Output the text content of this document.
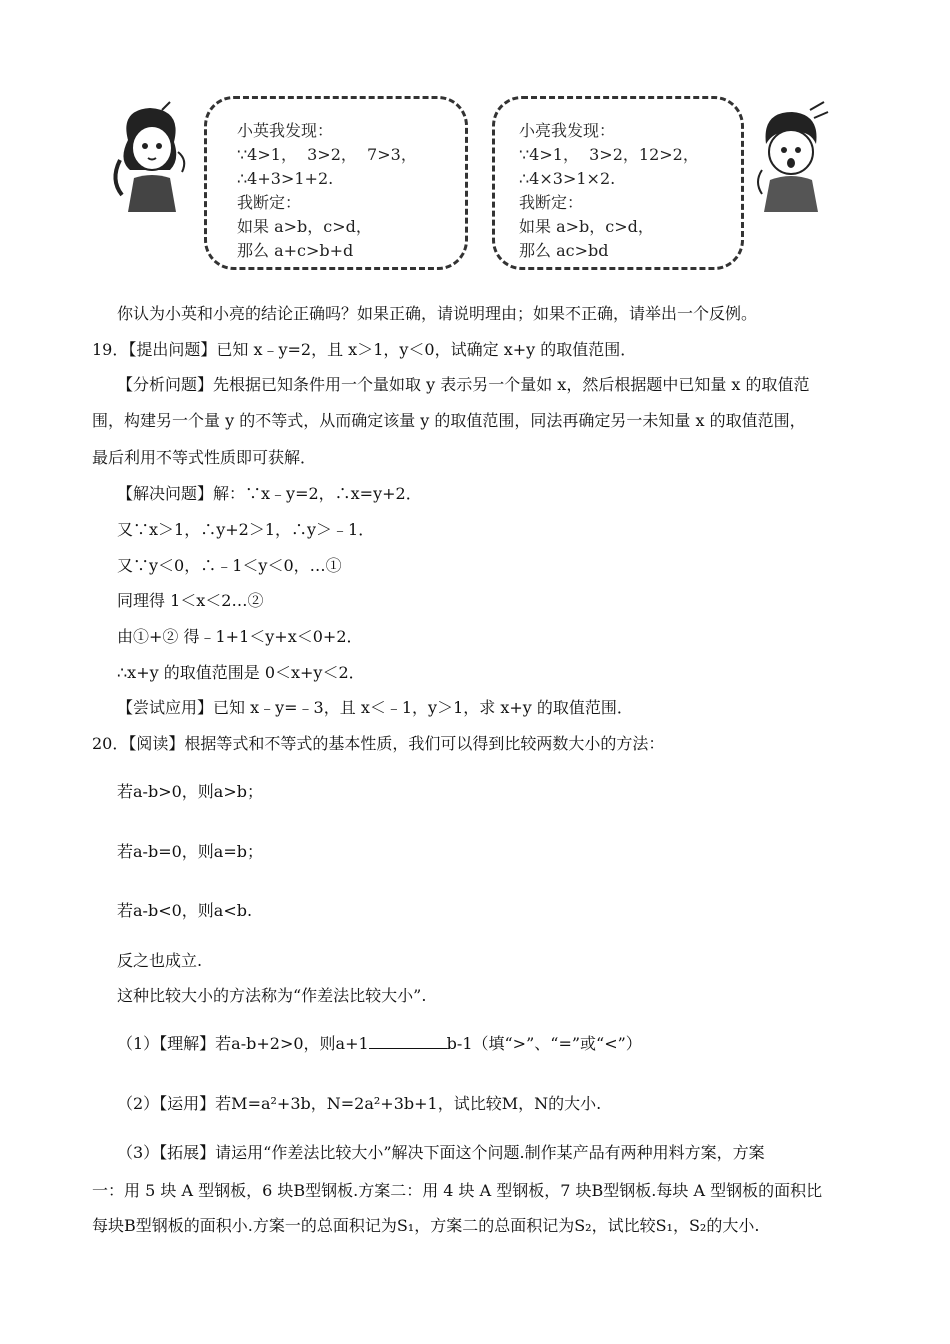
小英我发现：
∵4>1，  3>2，  7>3，
∴4+3>1+2.
我断定：
如果 a>b，c>d，
那么 a+c>b+d
小亮我发现：
∵4>1，  3>2，12>2，
∴4×3>1×2.
我断定：
如果 a>b，c>d，
那么 ac>bd
你认为小英和小亮的结论正确吗？如果正确，请说明理由；如果不正确，请举出一个反例。
19．【提出问题】已知 x﹣y=2，且 x＞1，y＜0，试确定 x+y 的取值范围．
【分析问题】先根据已知条件用一个量如取 y 表示另一个量如 x，然后根据题中已知量 x 的取值范
围，构建另一个量 y 的不等式，从而确定该量 y 的取值范围，同法再确定另一未知量 x 的取值范围，
最后利用不等式性质即可获解．
【解决问题】解：∵x﹣y=2，∴x=y+2．
又∵x＞1，∴y+2＞1，∴y＞﹣1．
又∵y＜0，∴﹣1＜y＜0，…①
同理得 1＜x＜2…②
由①+② 得﹣1+1＜y+x＜0+2．
∴x+y 的取值范围是 0＜x+y＜2．
【尝试应用】已知 x﹣y=﹣3，且 x＜﹣1，y＞1，求 x+y 的取值范围．
20．【阅读】根据等式和不等式的基本性质，我们可以得到比较两数大小的方法：
若a-b>0，则a>b；
若a-b=0，则a=b；
若a-b<0，则a<b.
反之也成立.
这种比较大小的方法称为“作差法比较大小”.
（1）【理解】若a-b+2>0，则a+1	b-1（填“>”、“=”或“<”）
（2）【运用】若M=a²+3b，N=2a²+3b+1，试比较M，N的大小.
（3）【拓展】请运用“作差法比较大小”解决下面这个问题.制作某产品有两种用料方案，方案
一：用 5 块 A 型钢板，6 块B型钢板.方案二：用 4 块 A 型钢板，7 块B型钢板.每块 A 型钢板的面积比
每块B型钢板的面积小.方案一的总面积记为S₁，方案二的总面积记为S₂，试比较S₁，S₂的大小.
